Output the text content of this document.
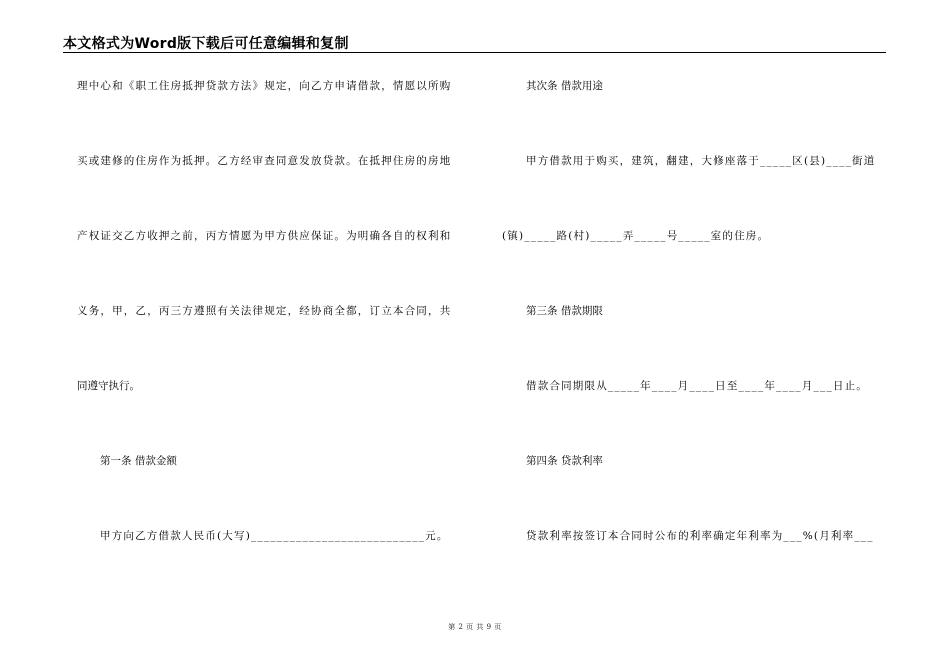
本文格式为Word版下载后可任意编辑和复制
理中心和《职工住房抵押贷款方法》规定，向乙方申请借款，情愿以所购
买或建修的住房作为抵押。乙方经审查同意发放贷款。在抵押住房的房地
产权证交乙方收押之前，丙方情愿为甲方供应保证。为明确各自的权利和
义务，甲，乙，丙三方遵照有关法律规定，经协商全都，订立本合同，共
同遵守执行。
第一条 借款金额
甲方向乙方借款人民币(大写)___________________________元。
其次条 借款用途
甲方借款用于购买，建筑，翻建，大修座落于_____区(县)____街道
(镇)_____路(村)_____弄_____号_____室的住房。
第三条 借款期限
借款合同期限从_____年____月____日至____年____月___日止。
第四条 贷款利率
贷款利率按签订本合同时公布的利率确定年利率为___%(月利率___
第 2 页 共 9 页
